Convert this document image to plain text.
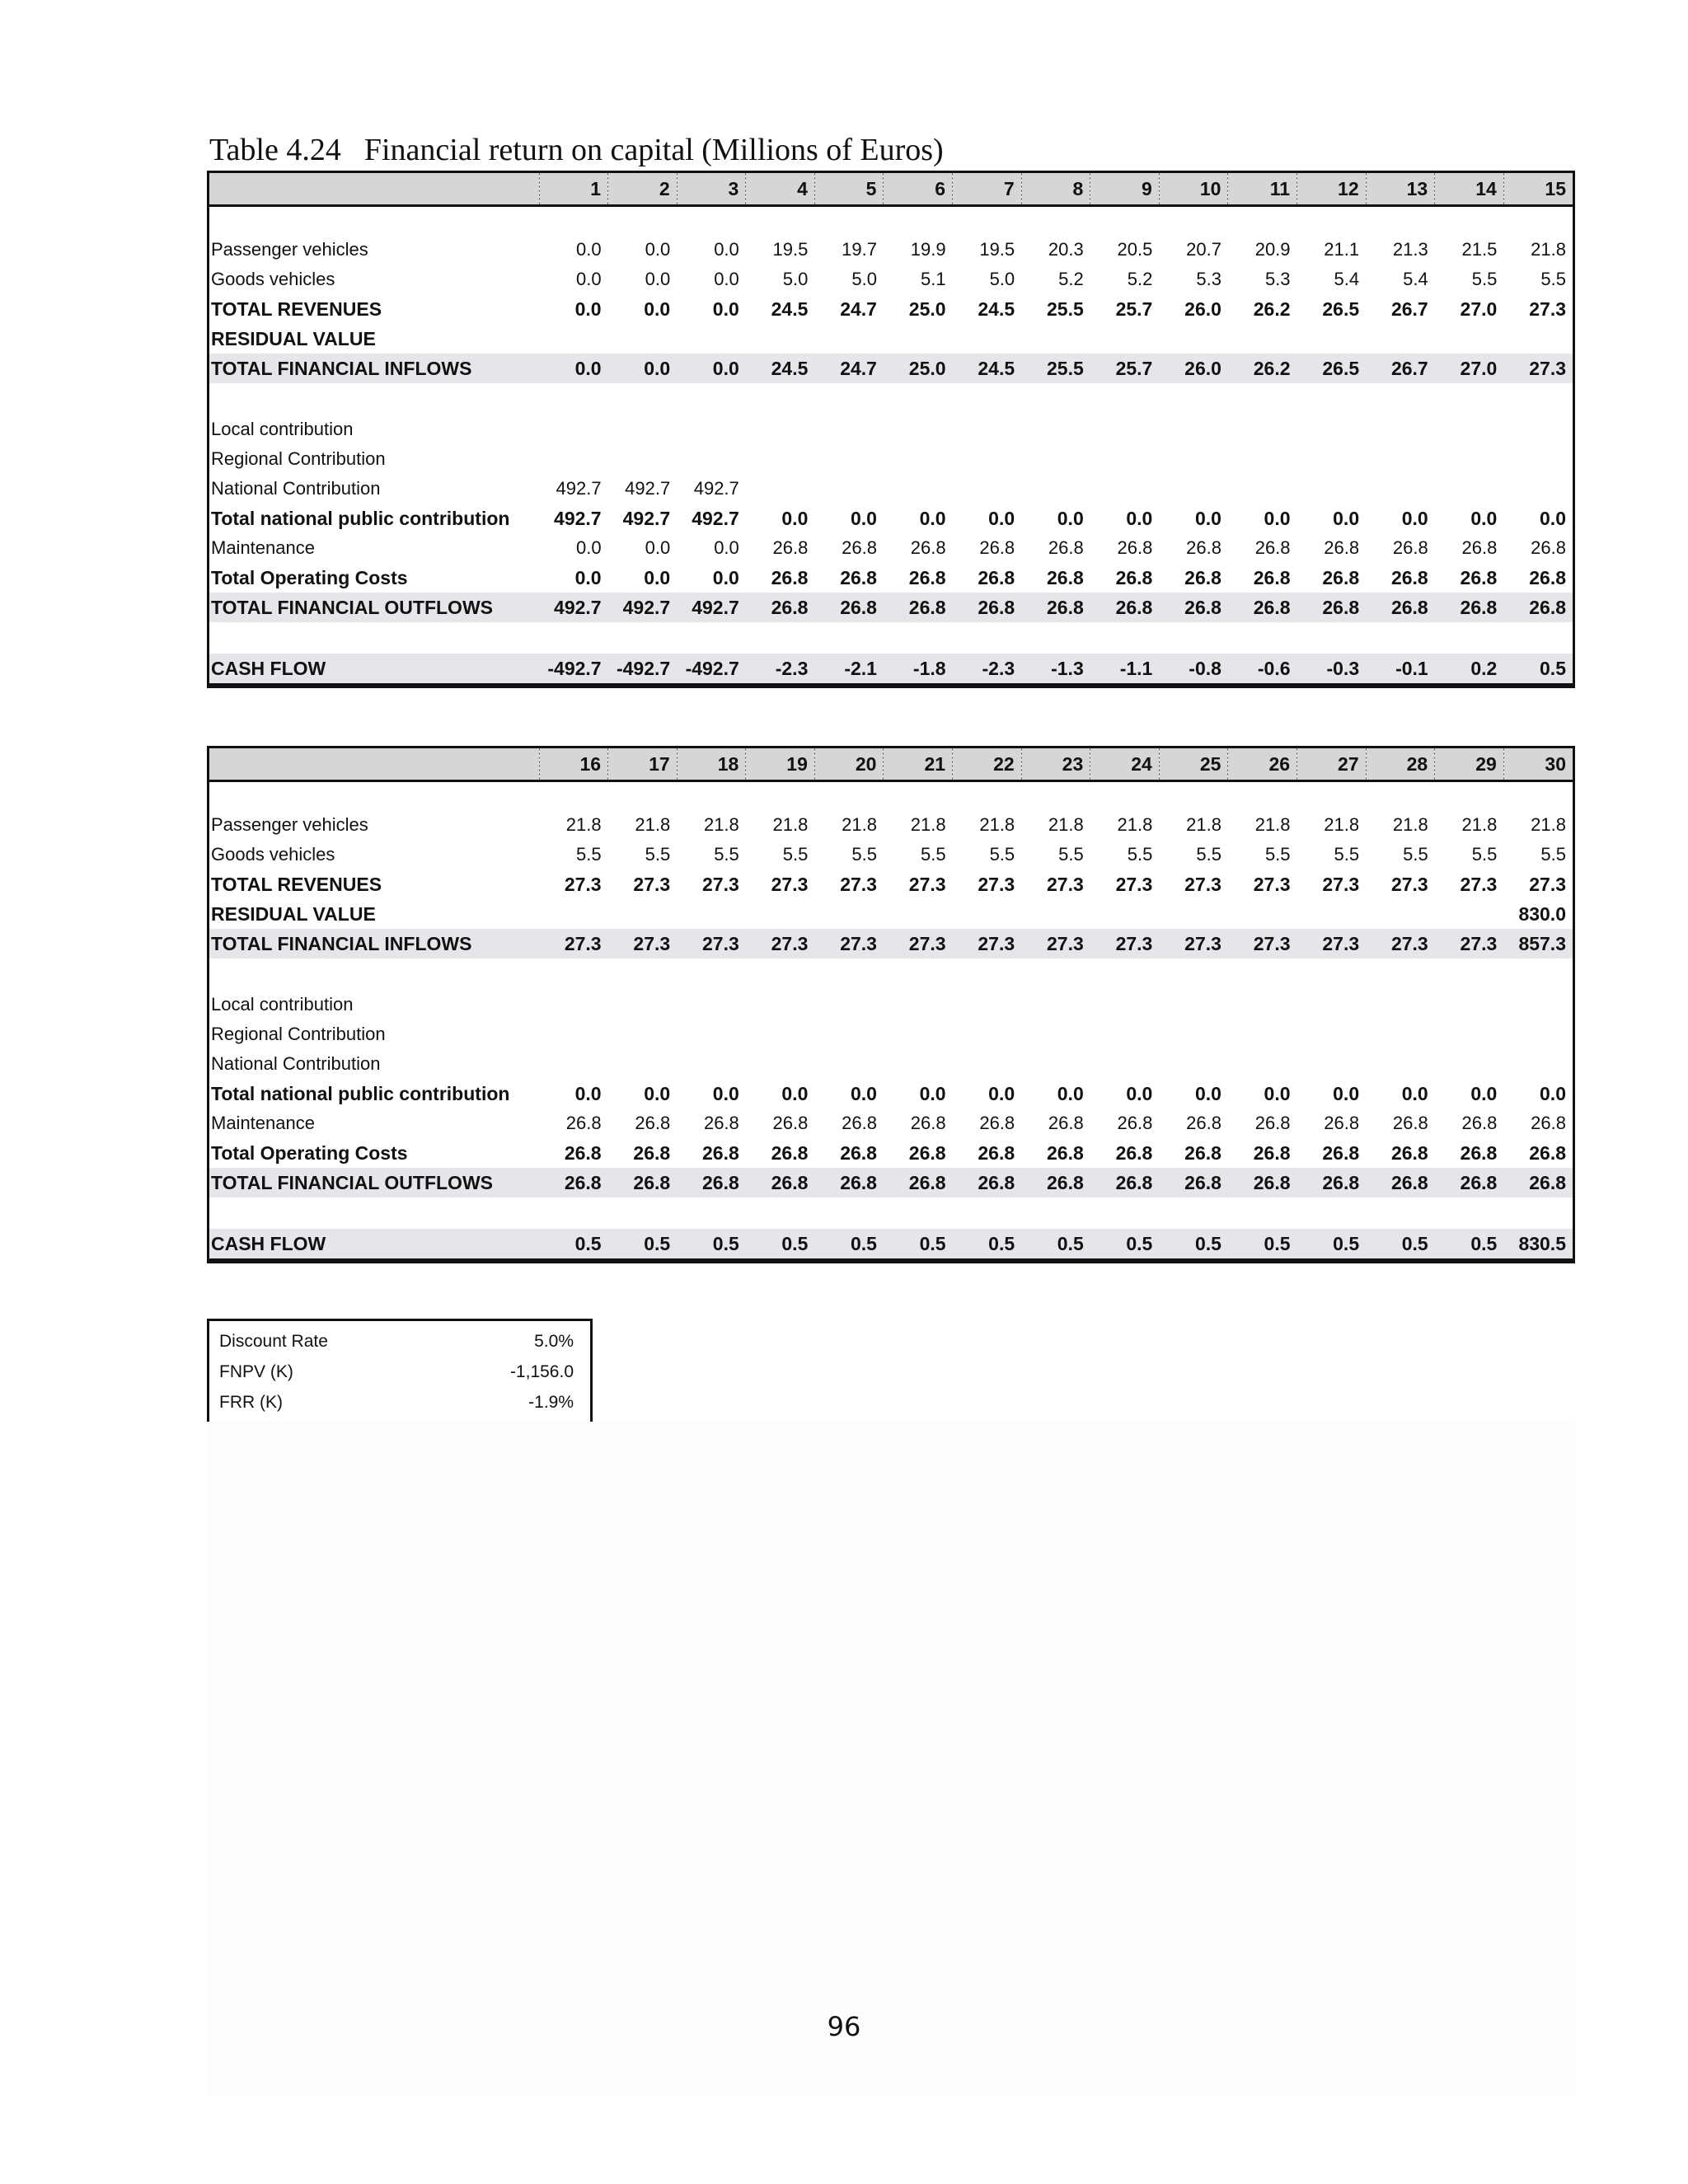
Table 4.24 Financial return on capital (Millions of Euros)
	1	2	3	4	5	6	7	8	9	10	11	12	13	14	15

Passenger vehicles	0.0	0.0	0.0	19.5	19.7	19.9	19.5	20.3	20.5	20.7	20.9	21.1	21.3	21.5	21.8
Goods vehicles	0.0	0.0	0.0	5.0	5.0	5.1	5.0	5.2	5.2	5.3	5.3	5.4	5.4	5.5	5.5
TOTAL REVENUES	0.0	0.0	0.0	24.5	24.7	25.0	24.5	25.5	25.7	26.0	26.2	26.5	26.7	27.0	27.3
RESIDUAL VALUE															
TOTAL FINANCIAL INFLOWS	0.0	0.0	0.0	24.5	24.7	25.0	24.5	25.5	25.7	26.0	26.2	26.5	26.7	27.0	27.3

Local contribution															
Regional Contribution															
National Contribution	492.7	492.7	492.7												
Total national public contribution	492.7	492.7	492.7	0.0	0.0	0.0	0.0	0.0	0.0	0.0	0.0	0.0	0.0	0.0	0.0
Maintenance	0.0	0.0	0.0	26.8	26.8	26.8	26.8	26.8	26.8	26.8	26.8	26.8	26.8	26.8	26.8
Total Operating Costs	0.0	0.0	0.0	26.8	26.8	26.8	26.8	26.8	26.8	26.8	26.8	26.8	26.8	26.8	26.8
TOTAL FINANCIAL OUTFLOWS	492.7	492.7	492.7	26.8	26.8	26.8	26.8	26.8	26.8	26.8	26.8	26.8	26.8	26.8	26.8

CASH FLOW	-492.7	-492.7	-492.7	-2.3	-2.1	-1.8	-2.3	-1.3	-1.1	-0.8	-0.6	-0.3	-0.1	0.2	0.5
	16	17	18	19	20	21	22	23	24	25	26	27	28	29	30

Passenger vehicles	21.8	21.8	21.8	21.8	21.8	21.8	21.8	21.8	21.8	21.8	21.8	21.8	21.8	21.8	21.8
Goods vehicles	5.5	5.5	5.5	5.5	5.5	5.5	5.5	5.5	5.5	5.5	5.5	5.5	5.5	5.5	5.5
TOTAL REVENUES	27.3	27.3	27.3	27.3	27.3	27.3	27.3	27.3	27.3	27.3	27.3	27.3	27.3	27.3	27.3
RESIDUAL VALUE															830.0
TOTAL FINANCIAL INFLOWS	27.3	27.3	27.3	27.3	27.3	27.3	27.3	27.3	27.3	27.3	27.3	27.3	27.3	27.3	857.3

Local contribution															
Regional Contribution															
National Contribution															
Total national public contribution	0.0	0.0	0.0	0.0	0.0	0.0	0.0	0.0	0.0	0.0	0.0	0.0	0.0	0.0	0.0
Maintenance	26.8	26.8	26.8	26.8	26.8	26.8	26.8	26.8	26.8	26.8	26.8	26.8	26.8	26.8	26.8
Total Operating Costs	26.8	26.8	26.8	26.8	26.8	26.8	26.8	26.8	26.8	26.8	26.8	26.8	26.8	26.8	26.8
TOTAL FINANCIAL OUTFLOWS	26.8	26.8	26.8	26.8	26.8	26.8	26.8	26.8	26.8	26.8	26.8	26.8	26.8	26.8	26.8

CASH FLOW	0.5	0.5	0.5	0.5	0.5	0.5	0.5	0.5	0.5	0.5	0.5	0.5	0.5	0.5	830.5
Discount Rate	5.0%
FNPV (K)	-1,156.0
FRR (K)	-1.9%
96
